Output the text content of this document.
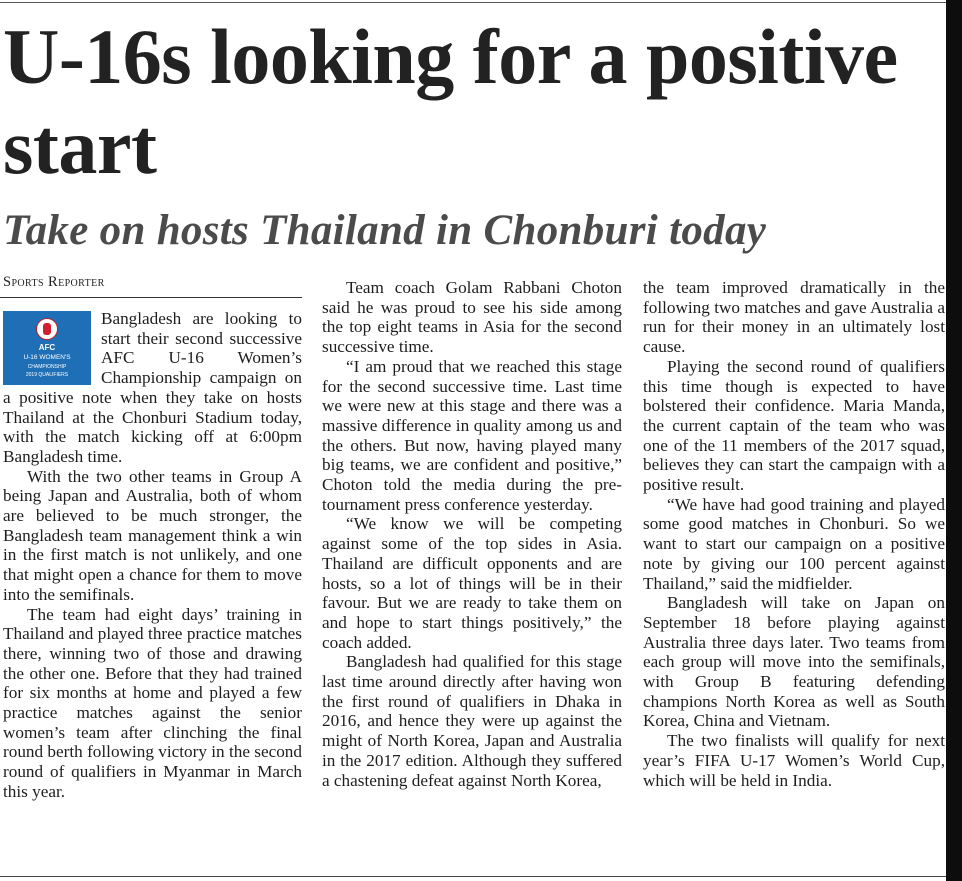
U-16s looking for a positive start
Take on hosts Thailand in Chonburi today
Sports Reporter
AFC
U-16 WOMEN'S
CHAMPIONSHIP
2019 QUALIFIERS

Bangladesh are looking to start their second successive AFC U-16 Women’s Championship campaign on a positive note when they take on hosts Thailand at the Chonburi Stadium today, with the match kicking off at 6:00pm Bangladesh time.

With the two other teams in Group A being Japan and Australia, both of whom are believed to be much stronger, the Bangladesh team management think a win in the first match is not unlikely, and one that might open a chance for them to move into the semifinals.

The team had eight days’ training in Thailand and played three practice matches there, winning two of those and drawing the other one. Before that they had trained for six months at home and played a few practice matches against the senior women’s team after clinching the final round berth following victory in the second round of qualifiers in Myanmar in March this year.

Team coach Golam Rabbani Choton said he was proud to see his side among the top eight teams in Asia for the second successive time.

“I am proud that we reached this stage for the second successive time. Last time we were new at this stage and there was a massive difference in quality among us and the others. But now, having played many big teams, we are confident and positive,” Choton told the media during the pre-tournament press conference yesterday.

“We know we will be competing against some of the top sides in Asia. Thailand are difficult opponents and are hosts, so a lot of things will be in their favour. But we are ready to take them on and hope to start things positively,” the coach added.

Bangladesh had qualified for this stage last time around directly after having won the first round of qualifiers in Dhaka in 2016, and hence they were up against the might of North Korea, Japan and Australia in the 2017 edition. Although they suffered a chastening defeat against North Korea,

the team improved dramatically in the following two matches and gave Australia a run for their money in an ultimately lost cause.

Playing the second round of qualifiers this time though is expected to have bolstered their confidence. Maria Manda, the current captain of the team who was one of the 11 members of the 2017 squad, believes they can start the campaign with a positive result.

“We have had good training and played some good matches in Chonburi. So we want to start our campaign on a positive note by giving our 100 percent against Thailand,” said the midfielder.

Bangladesh will take on Japan on September 18 before playing against Australia three days later. Two teams from each group will move into the semifinals, with Group B featuring defending champions North Korea as well as South Korea, China and Vietnam.

The two finalists will qualify for next year’s FIFA U-17 Women’s World Cup, which will be held in India.
